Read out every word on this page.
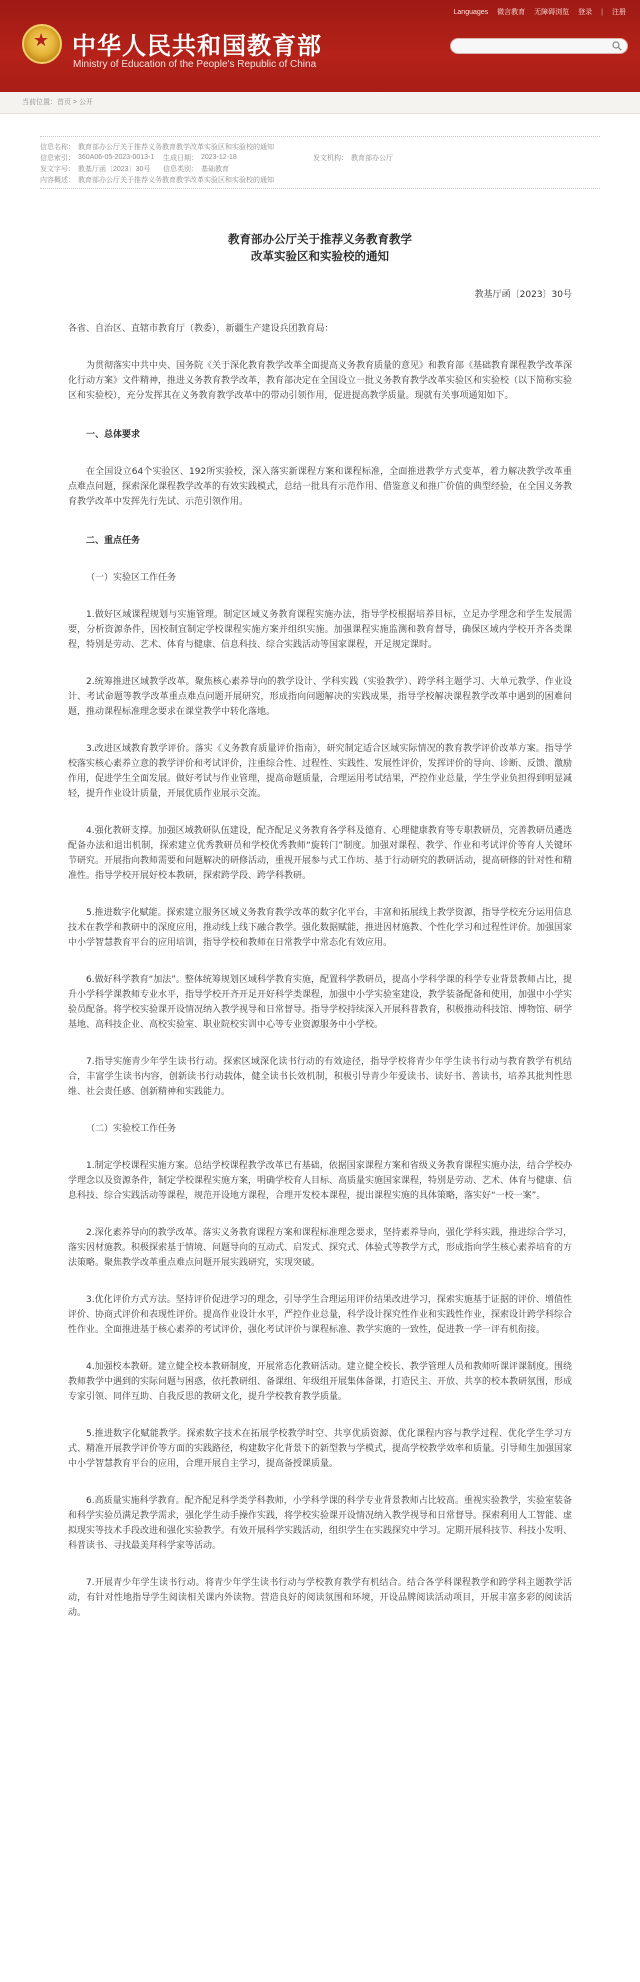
★ 中华人民共和国教育部
Ministry of Education of the People's Republic of China
Languages 微言教育 无障碍浏览 登录 | 注册
当前位置：首页 > 公开
信息名称： 教育部办公厅关于推荐义务教育教学改革实验区和实验校的通知
信息索引： 360A06-05-2023-0013-1	生成日期： 2023-12-18	发文机构： 教育部办公厅
发文字号： 教基厅函〔2023〕30号	信息类别： 基础教育
内容概述： 教育部办公厅关于推荐义务教育教学改革实验区和实验校的通知
教育部办公厅关于推荐义务教育教学
改革实验区和实验校的通知
教基厅函〔2023〕30号

各省、自治区、直辖市教育厅（教委），新疆生产建设兵团教育局：

为贯彻落实中共中央、国务院《关于深化教育教学改革全面提高义务教育质量的意见》和教育部《基础教育课程教学改革深化行动方案》文件精神，推进义务教育教学改革，教育部决定在全国设立一批义务教育教学改革实验区和实验校（以下简称实验区和实验校），充分发挥其在义务教育教学改革中的带动引领作用，促进提高教学质量。现就有关事项通知如下。

一、总体要求

在全国设立64个实验区、192所实验校，深入落实新课程方案和课程标准，全面推进教学方式变革，着力解决教学改革重点难点问题，探索深化课程教学改革的有效实践模式，总结一批具有示范作用、借鉴意义和推广价值的典型经验，在全国义务教育教学改革中发挥先行先试、示范引领作用。

二、重点任务

（一）实验区工作任务

1.做好区域课程规划与实施管理。制定区域义务教育课程实施办法，指导学校根据培养目标，立足办学理念和学生发展需要，分析资源条件，因校制宜制定学校课程实施方案并组织实施。加强课程实施监测和教育督导，确保区域内学校开齐各类课程，特别是劳动、艺术、体育与健康、信息科技、综合实践活动等国家课程，开足规定课时。

2.统筹推进区域教学改革。聚焦核心素养导向的教学设计、学科实践（实验教学）、跨学科主题学习、大单元教学、作业设计、考试命题等教学改革重点难点问题开展研究，形成指向问题解决的实践成果，指导学校解决课程教学改革中遇到的困难问题，推动课程标准理念要求在课堂教学中转化落地。

3.改进区域教育教学评价。落实《义务教育质量评价指南》，研究制定适合区域实际情况的教育教学评价改革方案。指导学校落实核心素养立意的教学评价和考试评价，注重综合性、过程性、实践性、发展性评价，发挥评价的导向、诊断、反馈、激励作用，促进学生全面发展。做好考试与作业管理，提高命题质量，合理运用考试结果，严控作业总量，学生学业负担得到明显减轻，提升作业设计质量，开展优质作业展示交流。

4.强化教研支撑。加强区域教研队伍建设，配齐配足义务教育各学科及德育、心理健康教育等专职教研员，完善教研员遴选配备办法和退出机制，探索建立优秀教研员和学校优秀教师“旋转门”制度。加强对课程、教学、作业和考试评价等育人关键环节研究。开展指向教师需要和问题解决的研修活动，重视开展参与式工作坊、基于行动研究的教研活动，提高研修的针对性和精准性。指导学校开展好校本教研，探索跨学段、跨学科教研。

5.推进数字化赋能。探索建立服务区域义务教育教学改革的数字化平台，丰富和拓展线上教学资源，指导学校充分运用信息技术在教学和教研中的深度应用，推动线上线下融合教学。强化数据赋能，推进因材施教、个性化学习和过程性评价。加强国家中小学智慧教育平台的应用培训，指导学校和教师在日常教学中常态化有效应用。

6.做好科学教育“加法”。整体统筹规划区域科学教育实施，配置科学教研员，提高小学科学课的科学专业背景教师占比，提升小学科学课教师专业水平，指导学校开齐开足开好科学类课程，加强中小学实验室建设，教学装备配备和使用，加强中小学实验员配备。将学校实验课开设情况纳入教学视导和日常督导。指导学校持续深入开展科普教育，积极推动科技馆、博物馆、研学基地、高科技企业、高校实验室、职业院校实训中心等专业资源服务中小学校。

7.指导实施青少年学生读书行动。探索区域深化读书行动的有效途径，指导学校将青少年学生读书行动与教育教学有机结合，丰富学生读书内容，创新读书行动载体，健全读书长效机制，积极引导青少年爱读书、读好书、善读书，培养其批判性思维、社会责任感、创新精神和实践能力。

（二）实验校工作任务

1.制定学校课程实施方案。总结学校课程教学改革已有基础，依据国家课程方案和省级义务教育课程实施办法，结合学校办学理念以及资源条件，制定学校课程实施方案，明确学校育人目标、高质量实施国家课程，特别是劳动、艺术、体育与健康、信息科技、综合实践活动等课程，规范开设地方课程，合理开发校本课程，提出课程实施的具体策略，落实好“一校一案”。

2.深化素养导向的教学改革。落实义务教育课程方案和课程标准理念要求，坚持素养导向，强化学科实践，推进综合学习，落实因材施教。积极探索基于情境、问题导向的互动式、启发式、探究式、体验式等教学方式，形成指向学生核心素养培育的方法策略。聚焦教学改革重点难点问题开展实践研究，实现突破。

3.优化评价方式方法。坚持评价促进学习的理念，引导学生合理运用评价结果改进学习，探索实施基于证据的评价、增值性评价、协商式评价和表现性评价。提高作业设计水平，严控作业总量，科学设计探究性作业和实践性作业，探索设计跨学科综合性作业。全面推进基于核心素养的考试评价，强化考试评价与课程标准、教学实施的一致性，促进教一学一评有机衔接。

4.加强校本教研。建立健全校本教研制度，开展常态化教研活动。建立健全校长、教学管理人员和教师听课评课制度。围绕教师教学中遇到的实际问题与困惑，依托教研组、备课组、年级组开展集体备课，打造民主、开放、共享的校本教研氛围，形成专家引领、同伴互助、自我反思的教研文化，提升学校教育教学质量。

5.推进数字化赋能教学。探索数字技术在拓展学校教学时空、共享优质资源、优化课程内容与教学过程、优化学生学习方式、精准开展教学评价等方面的实践路径，构建数字化背景下的新型教与学模式，提高学校教学效率和质量。引导师生加强国家中小学智慧教育平台的应用，合理开展自主学习，提高备授课质量。

6.高质量实施科学教育。配齐配足科学类学科教师，小学科学课的科学专业背景教师占比较高。重视实验教学，实验室装备和科学实验员满足教学需求，强化学生动手操作实践，将学校实验课开设情况纳入教学视导和日常督导。探索利用人工智能、虚拟现实等技术手段改进和强化实验教学。有效开展科学实践活动，组织学生在实践探究中学习。定期开展科技节、科技小发明、科普读书、寻找最美拜科学家等活动。

7.开展青少年学生读书行动。将青少年学生读书行动与学校教育教学有机结合。结合各学科课程教学和跨学科主题教学活动，有针对性地指导学生阅读相关课内外读物。营造良好的阅读氛围和环境，开设品牌阅读活动项目，开展丰富多彩的阅读活动。
